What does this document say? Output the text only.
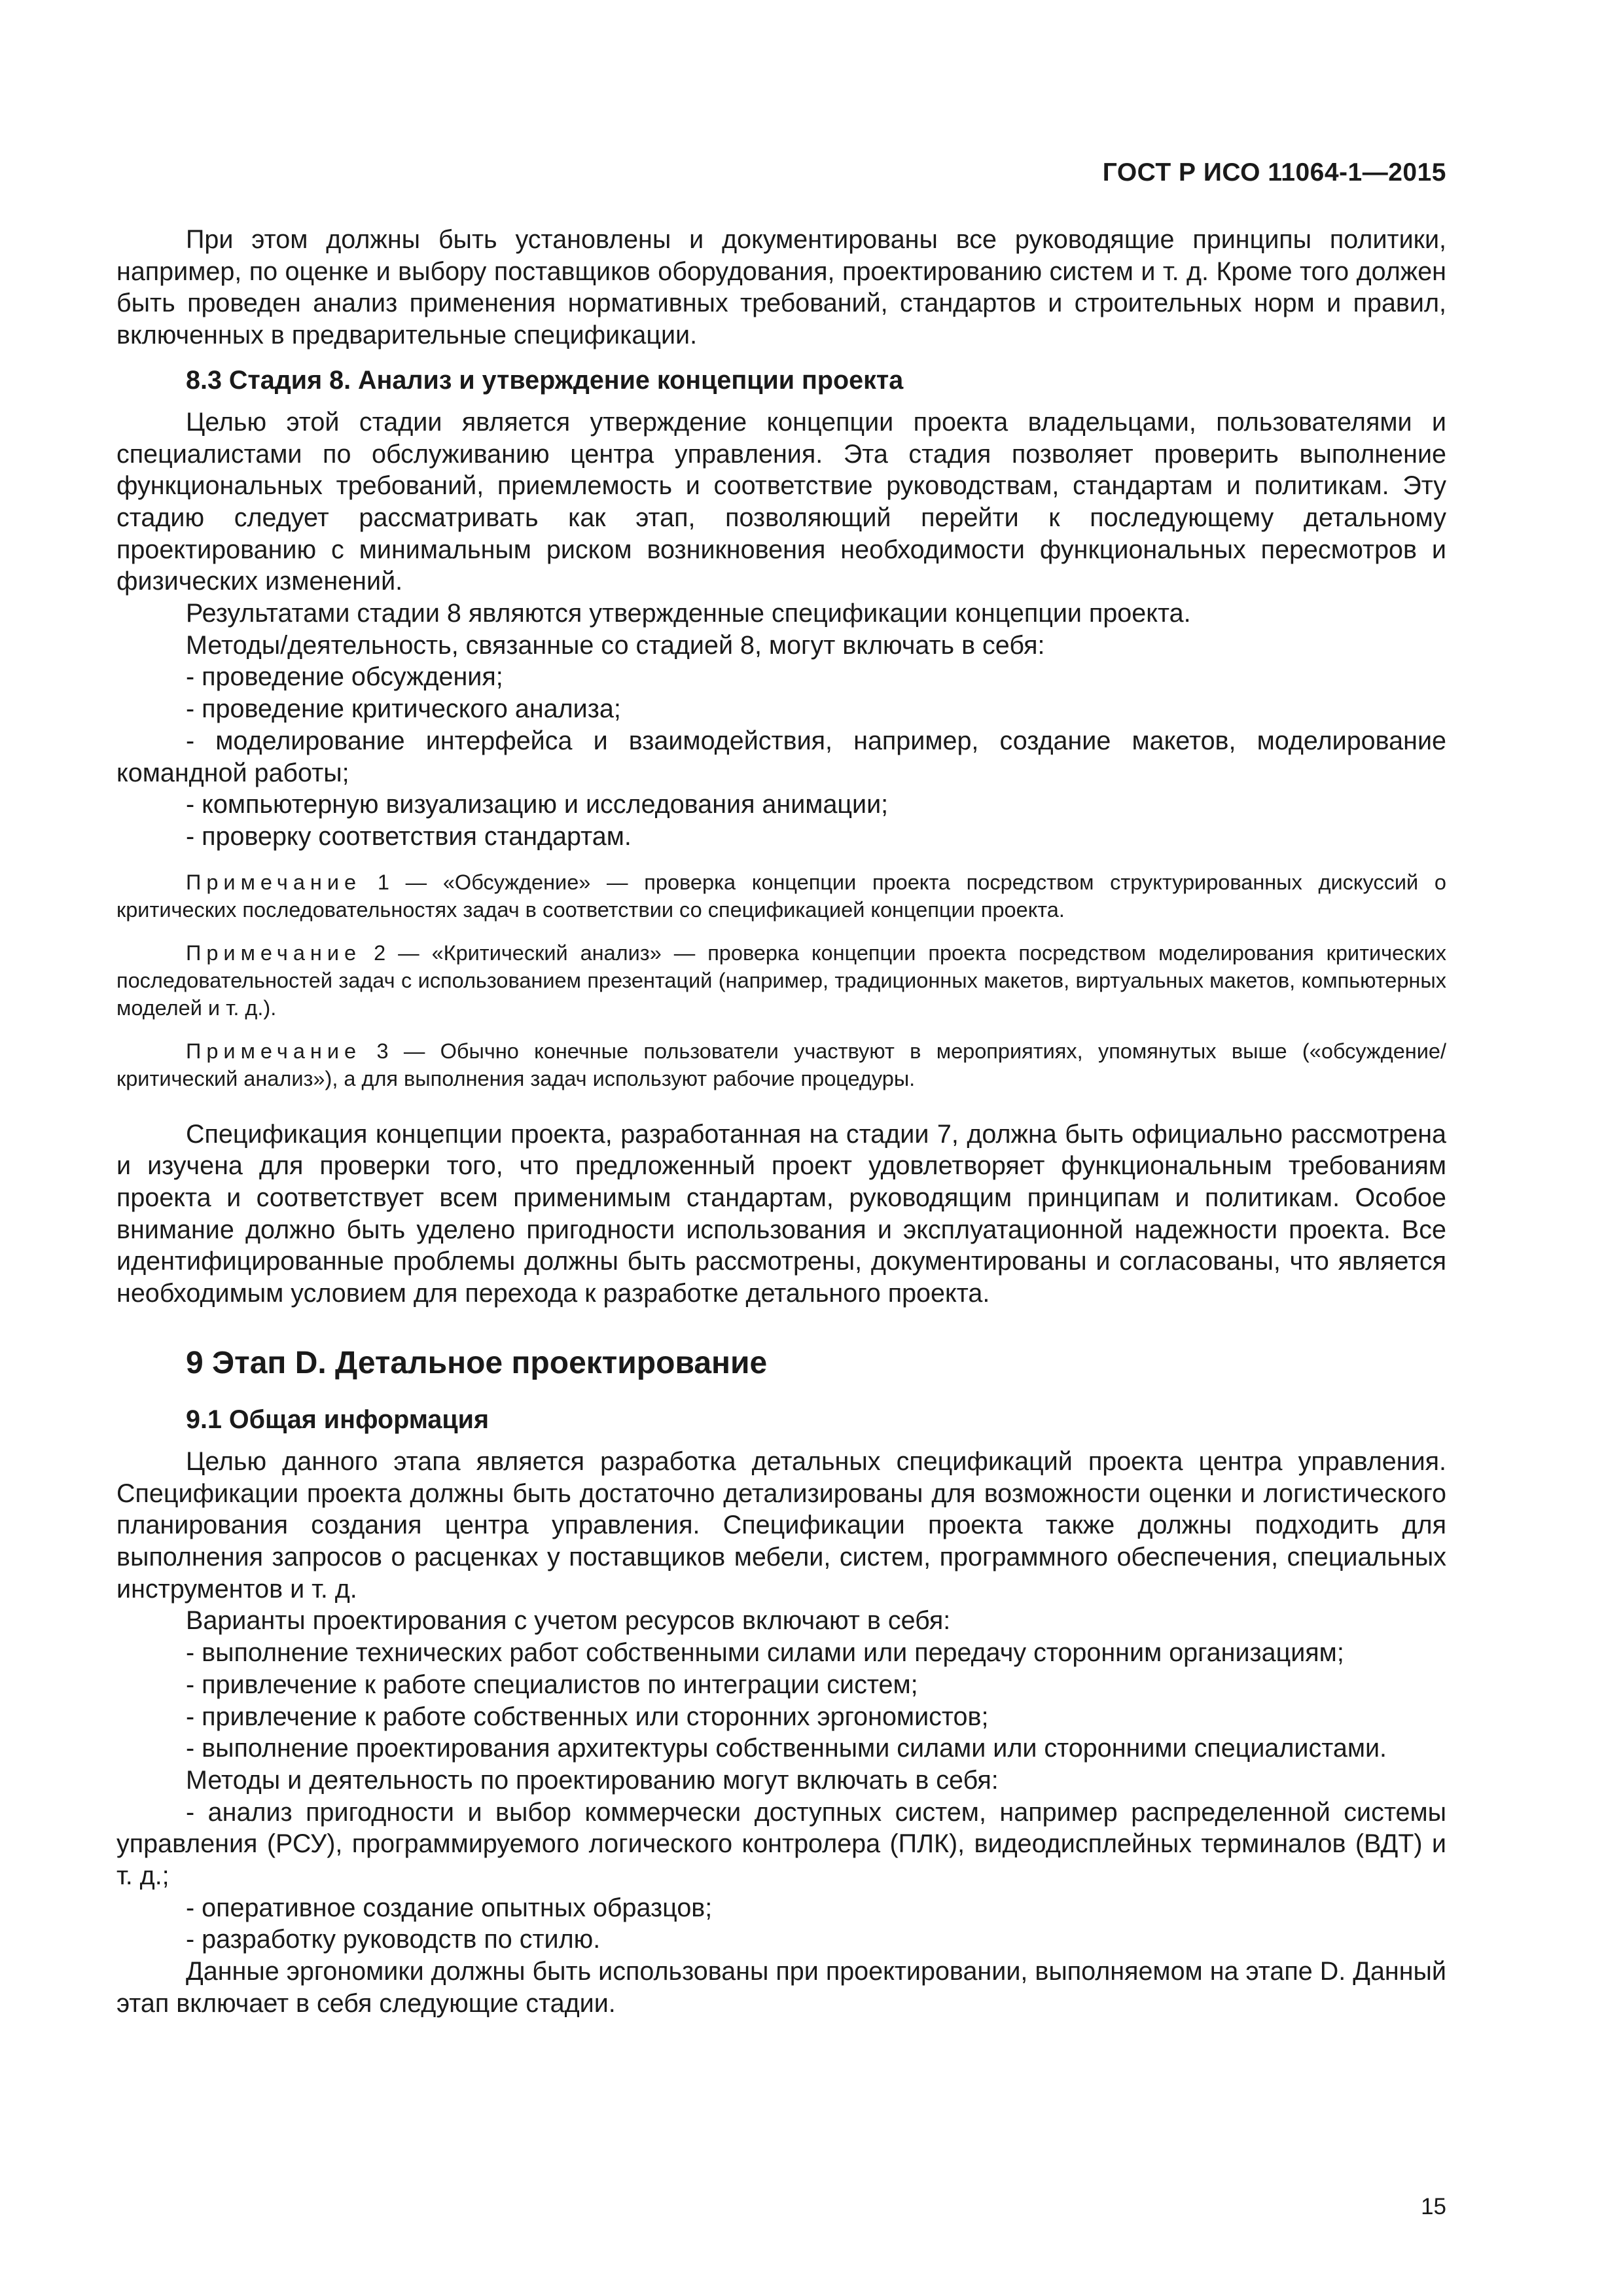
ГОСТ Р ИСО 11064-1—2015

При этом должны быть установлены и документированы все руководящие принципы политики, например, по оценке и выбору поставщиков оборудования, проектированию систем и т. д. Кроме того должен быть проведен анализ применения нормативных требований, стандартов и строительных норм и правил, включенных в предварительные спецификации.

8.3 Стадия 8. Анализ и утверждение концепции проекта

Целью этой стадии является утверждение концепции проекта владельцами, пользователями и специалистами по обслуживанию центра управления. Эта стадия позволяет проверить выполнение функциональных требований, приемлемость и соответствие руководствам, стандартам и политикам. Эту стадию следует рассматривать как этап, позволяющий перейти к последующему детальному проектированию с минимальным риском возникновения необходимости функциональных пересмотров и физических изменений.

Результатами стадии 8 являются утвержденные спецификации концепции проекта.

Методы/деятельность, связанные со стадией 8, могут включать в себя:

- проведение обсуждения;

- проведение критического анализа;

- моделирование интерфейса и взаимодействия, например, создание макетов, моделирование командной работы;

- компьютерную визуализацию и исследования анимации;

- проверку соответствия стандартам.

Примечание 1 — «Обсуждение» — проверка концепции проекта посредством структурированных дискуссий о критических последовательностях задач в соответствии со спецификацией концепции проекта.

Примечание 2 — «Критический анализ» — проверка концепции проекта посредством моделирования критических последовательностей задач с использованием презентаций (например, традиционных макетов, виртуальных макетов, компьютерных моделей и т. д.).

Примечание 3 — Обычно конечные пользователи участвуют в мероприятиях, упомянутых выше («обсуждение/критический анализ»), а для выполнения задач используют рабочие процедуры.

Спецификация концепции проекта, разработанная на стадии 7, должна быть официально рассмотрена и изучена для проверки того, что предложенный проект удовлетворяет функциональным требованиям проекта и соответствует всем применимым стандартам, руководящим принципам и политикам. Особое внимание должно быть уделено пригодности использования и эксплуатационной надежности проекта. Все идентифицированные проблемы должны быть рассмотрены, документированы и согласованы, что является необходимым условием для перехода к разработке детального проекта.

9 Этап D. Детальное проектирование
9.1 Общая информация

Целью данного этапа является разработка детальных спецификаций проекта центра управления. Спецификации проекта должны быть достаточно детализированы для возможности оценки и логистического планирования создания центра управления. Спецификации проекта также должны подходить для выполнения запросов о расценках у поставщиков мебели, систем, программного обеспечения, специальных инструментов и т. д.

Варианты проектирования с учетом ресурсов включают в себя:

- выполнение технических работ собственными силами или передачу сторонним организациям;

- привлечение к работе специалистов по интеграции систем;

- привлечение к работе собственных или сторонних эргономистов;

- выполнение проектирования архитектуры собственными силами или сторонними специалистами.

Методы и деятельность по проектированию могут включать в себя:

- анализ пригодности и выбор коммерчески доступных систем, например распределенной системы управления (РСУ), программируемого логического контролера (ПЛК), видеодисплейных терминалов (ВДТ) и т. д.;

- оперативное создание опытных образцов;

- разработку руководств по стилю.

Данные эргономики должны быть использованы при проектировании, выполняемом на этапе D. Данный этап включает в себя следующие стадии.

15
